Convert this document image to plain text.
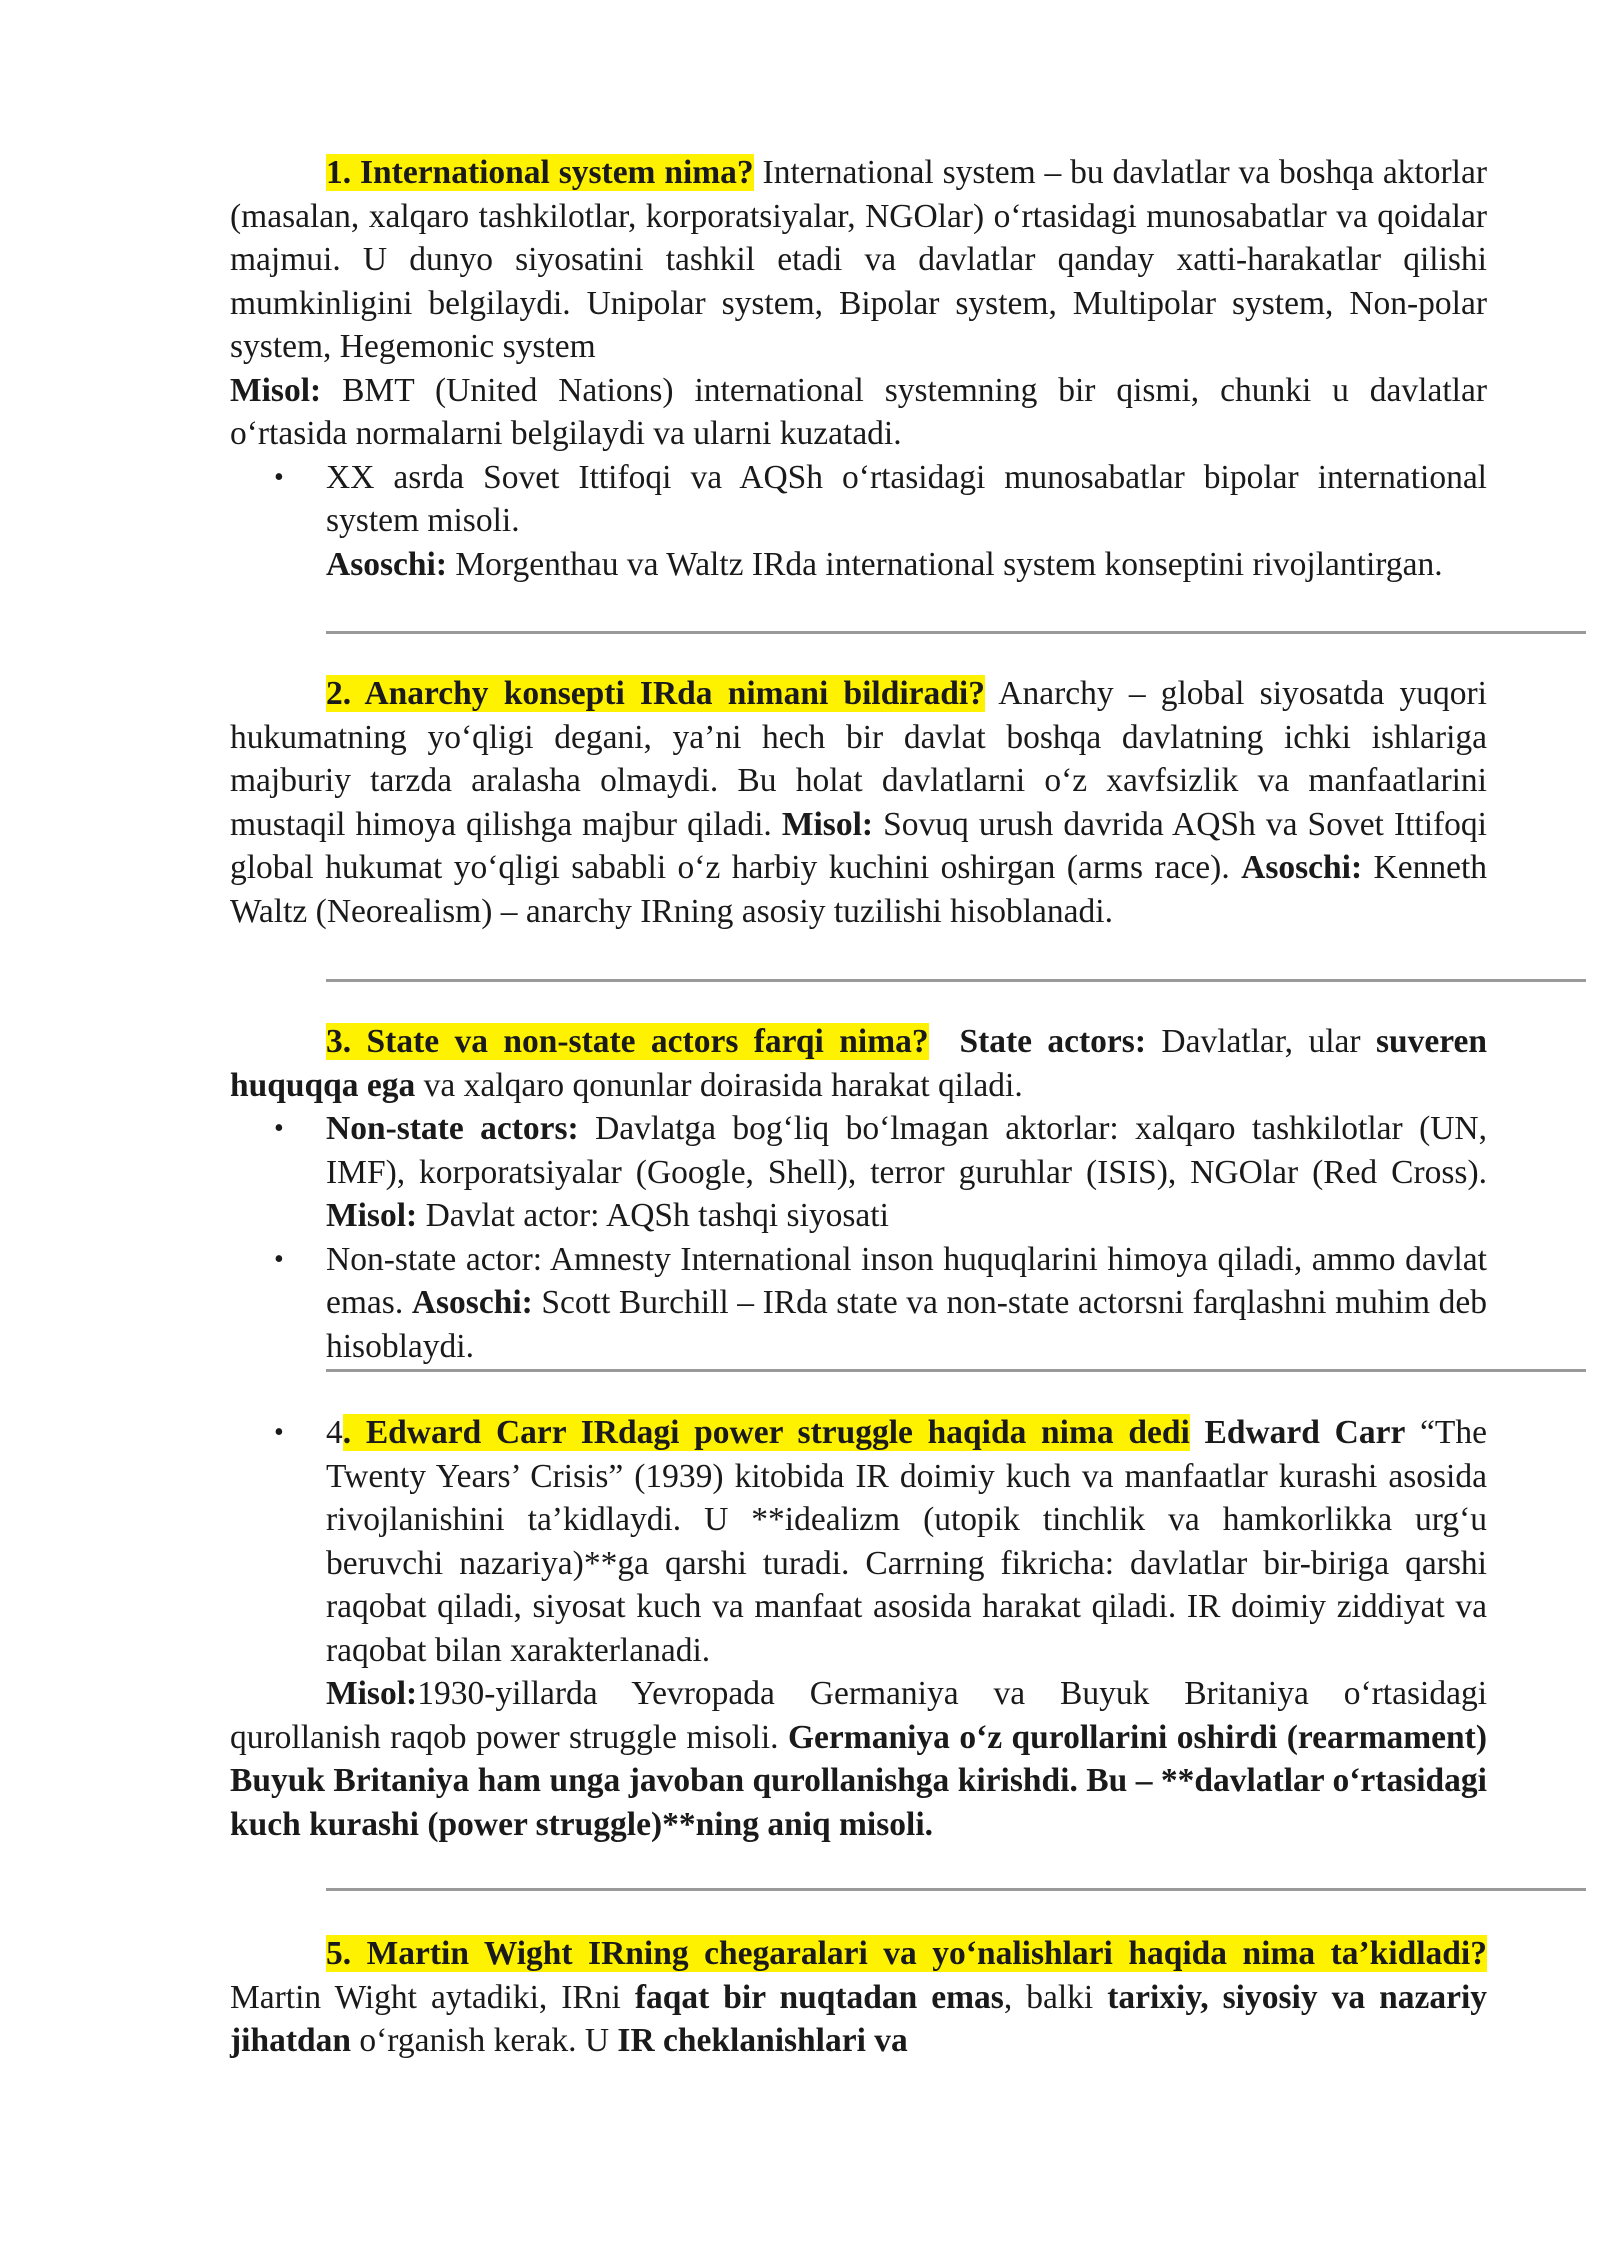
1. International system nima? International system – bu davlatlar va boshqa aktorlar (masalan, xalqaro tashkilotlar, korporatsiyalar, NGOlar) o‘rtasidagi munosabatlar va qoidalar majmui. U dunyo siyosatini tashkil etadi va davlatlar qanday xatti-harakatlar qilishi mumkinligini belgilaydi. Unipolar system, Bipolar system, Multipolar system, Non-polar system, Hegemonic system

Misol: BMT (United Nations) international systemning bir qismi, chunki u davlatlar o‘rtasida normalarni belgilaydi va ularni kuzatadi.

• XX asrda Sovet Ittifoqi va AQSh o‘rtasidagi munosabatlar bipolar international system misoli.

Asoschi: Morgenthau va Waltz IRda international system konseptini rivojlantirgan.

2. Anarchy konsepti IRda nimani bildiradi? Anarchy – global siyosatda yuqori hukumatning yo‘qligi degani, ya’ni hech bir davlat boshqa davlatning ichki ishlariga majburiy tarzda aralasha olmaydi. Bu holat davlatlarni o‘z xavfsizlik va manfaatlarini mustaqil himoya qilishga majbur qiladi. Misol: Sovuq urush davrida AQSh va Sovet Ittifoqi global hukumat yo‘qligi sababli o‘z harbiy kuchini oshirgan (arms race). Asoschi: Kenneth Waltz (Neorealism) – anarchy IRning asosiy tuzilishi hisoblanadi.

3. State va non-state actors farqi nima? State actors: Davlatlar, ular suveren huquqqa ega va xalqaro qonunlar doirasida harakat qiladi.

• Non-state actors: Davlatga bog‘liq bo‘lmagan aktorlar: xalqaro tashkilotlar (UN, IMF), korporatsiyalar (Google, Shell), terror guruhlar (ISIS), NGOlar (Red Cross). Misol: Davlat actor: AQSh tashqi siyosati
• Non-state actor: Amnesty International inson huquqlarini himoya qiladi, ammo davlat emas. Asoschi: Scott Burchill – IRda state va non-state actorsni farqlashni muhim deb hisoblaydi.
• 4. Edward Carr IRdagi power struggle haqida nima dedi Edward Carr “The Twenty Years’ Crisis” (1939) kitobida IR doimiy kuch va manfaatlar kurashi asosida rivojlanishini ta’kidlaydi. U **idealizm (utopik tinchlik va hamkorlikka urg‘u beruvchi nazariya)**ga qarshi turadi. Carrning fikricha: davlatlar bir-biriga qarshi raqobat qiladi, siyosat kuch va manfaat asosida harakat qiladi. IR doimiy ziddiyat va raqobat bilan xarakterlanadi.

Misol:1930-yillarda Yevropada Germaniya va Buyuk Britaniya o‘rtasidagi qurollanish raqob power struggle misoli. Germaniya o‘z qurollarini oshirdi (rearmament) Buyuk Britaniya ham unga javoban qurollanishga kirishdi. Bu – **davlatlar o‘rtasidagi kuch kurashi (power struggle)**ning aniq misoli.

5. Martin Wight IRning chegaralari va yo‘nalishlari haqida nima ta’kidladi? Martin Wight aytadiki, IRni faqat bir nuqtadan emas, balki tarixiy, siyosiy va nazariy jihatdan o‘rganish kerak. U IR cheklanishlari va
